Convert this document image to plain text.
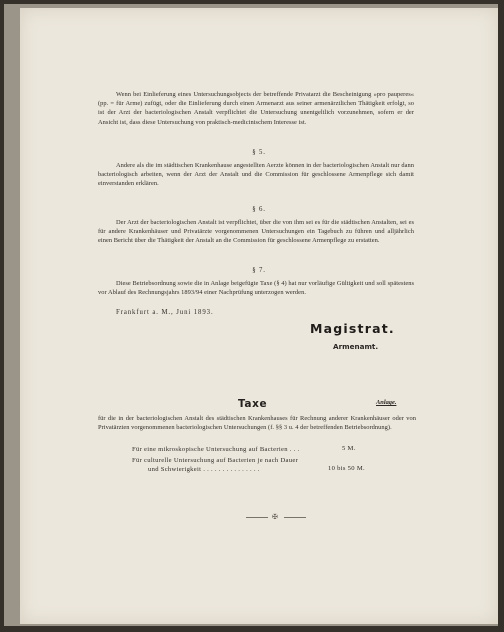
Wenn bei Einlieferung eines Untersuchungsobjects der betreffende Privatarzt die Bescheinigung »pro pauperes« (pp. = für Arme) zufügt, oder die Einlieferung durch einen Armenarzt aus seiner armenärztlichen Thätigkeit erfolgt, so ist der Arzt der bacteriologischen Anstalt verpflichtet die Untersuchung unentgeltlich vorzunehmen, sofern er der Ansicht ist, dass diese Untersuchung von praktisch-medicinischem Interesse ist.
§ 5.
Andere als die im städtischen Krankenhause angestellten Aerzte können in der bacteriologischen Anstalt nur dann bacteriologisch arbeiten, wenn der Arzt der Anstalt und die Commission für geschlossene Armenpflege sich damit einverstanden erklären.
§ 6.
Der Arzt der bacteriologischen Anstalt ist verpflichtet, über die von ihm sei es für die städtischen Anstalten, sei es für andere Krankenhäuser und Privatärzte vorgenommenen Untersuchungen ein Tagebuch zu führen und alljährlich einen Bericht über die Thätigkeit der Anstalt an die Commission für geschlossene Armenpflege zu erstatten.
§ 7.
Diese Betriebsordnung sowie die in Anlage beigefügte Taxe (§ 4) hat nur vorläufige Gültigkeit und soll spätestens vor Ablauf des Rechnungsjahrs 1893/94 einer Nachprüfung unterzogen werden.
Frankfurt a. M., Juni 1893.
Magistrat.
Armenamt.
Taxe	Anlage.
für die in der bacteriologischen Anstalt des städtischen Krankenhauses für Rechnung anderer Krankenhäuser oder von Privatärzten vorgenommenen bacteriologischen Untersuchungen (f. §§ 3 u. 4 der betreffenden Betriebsordnung).
Für eine mikroskopische Untersuchung auf Bacterien . . .	5 M.
Für culturelle Untersuchung auf Bacterien je nach Dauer
und Schwierigkeit . . . . . . . . . . . . . . .	10 bis 50 M.
✠
